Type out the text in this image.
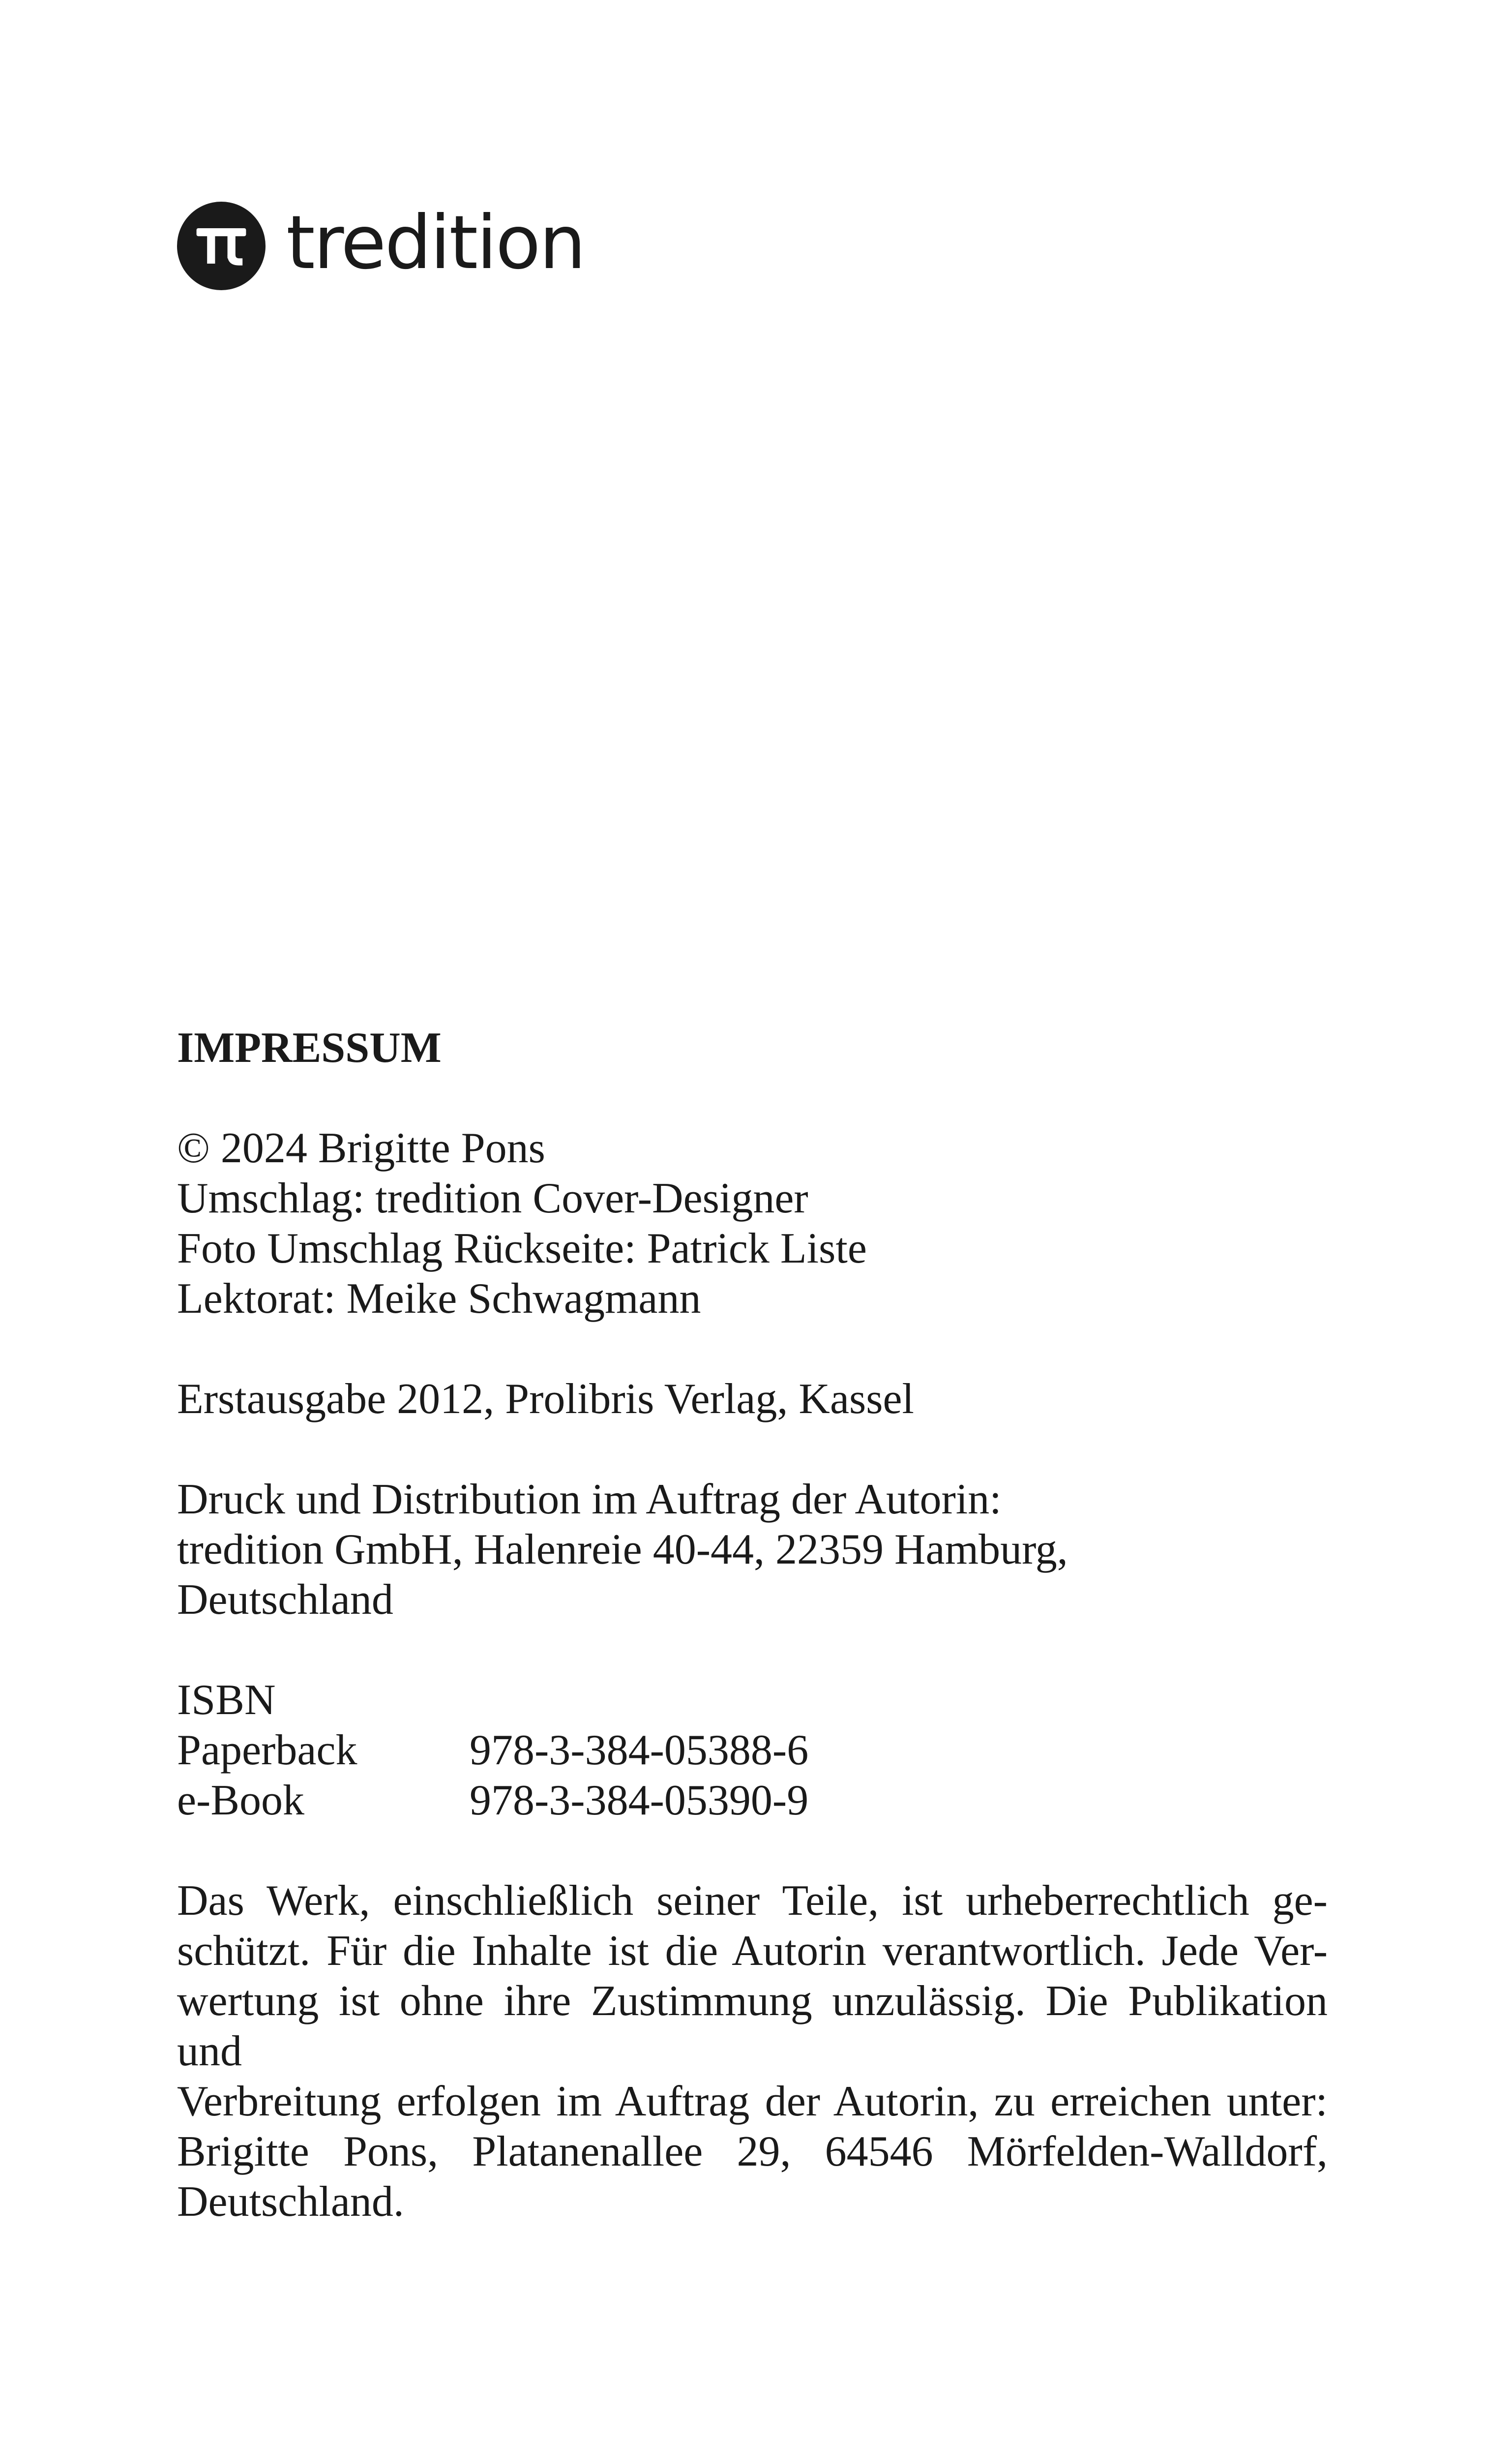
tredition
IMPRESSUM
© 2024 Brigitte Pons
Umschlag: tredition Cover-Designer
Foto Umschlag Rückseite: Patrick Liste
Lektorat: Meike Schwagmann
Erstausgabe 2012, Prolibris Verlag, Kassel
Druck und Distribution im Auftrag der Autorin:
tredition GmbH, Halenreie 40-44, 22359 Hamburg,
Deutschland
ISBN
Paperback	978-3-384-05388-6
e-Book	978-3-384-05390-9
Das Werk, einschließlich seiner Teile, ist urheberrechtlich ge-
schützt. Für die Inhalte ist die Autorin verantwortlich. Jede Ver-
wertung ist ohne ihre Zustimmung unzulässig. Die Publikation und
Verbreitung erfolgen im Auftrag der Autorin, zu erreichen unter:
Brigitte Pons, Platanenallee 29, 64546 Mörfelden-Walldorf,
Deutschland.
